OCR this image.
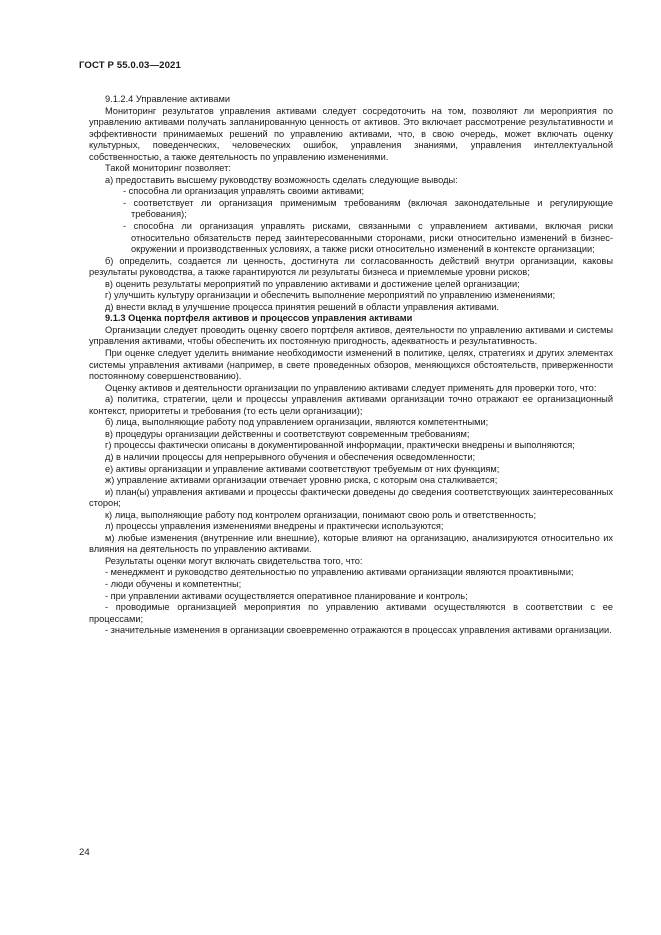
ГОСТ Р 55.0.03—2021

9.1.2.4 Управление активами

Мониторинг результатов управления активами следует сосредоточить на том, позволяют ли мероприятия по управлению активами получать запланированную ценность от активов. Это включает рассмотрение результативности и эффективности принимаемых решений по управлению активами, что, в свою очередь, может включать оценку культурных, поведенческих, человеческих ошибок, управления знаниями, управления интеллектуальной собственностью, а также деятельность по управлению изменениями.

Такой мониторинг позволяет:

а) предоставить высшему руководству возможность сделать следующие выводы:

- способна ли организация управлять своими активами;

- соответствует ли организация применимым требованиям (включая законодательные и регулирующие требования);

- способна ли организация управлять рисками, связанными с управлением активами, включая риски относительно обязательств перед заинтересованными сторонами, риски относительно изменений в бизнес-окружении и производственных условиях, а также риски относительно изменений в контексте организации;

б) определить, создается ли ценность, достигнута ли согласованность действий внутри организации, каковы результаты руководства, а также гарантируются ли результаты бизнеса и приемлемые уровни рисков;

в) оценить результаты мероприятий по управлению активами и достижение целей организации;

г) улучшить культуру организации и обеспечить выполнение мероприятий по управлению изменениями;

д) внести вклад в улучшение процесса принятия решений в области управления активами.

9.1.3 Оценка портфеля активов и процессов управления активами

Организации следует проводить оценку своего портфеля активов, деятельности по управлению активами и системы управления активами, чтобы обеспечить их постоянную пригодность, адекватность и результативность.

При оценке следует уделить внимание необходимости изменений в политике, целях, стратегиях и других элементах системы управления активами (например, в свете проведенных обзоров, меняющихся обстоятельств, приверженности постоянному совершенствованию).

Оценку активов и деятельности организации по управлению активами следует применять для проверки того, что:

а) политика, стратегии, цели и процессы управления активами организации точно отражают ее организационный контекст, приоритеты и требования (то есть цели организации);

б) лица, выполняющие работу под управлением организации, являются компетентными;

в) процедуры организации действенны и соответствуют современным требованиям;

г) процессы фактически описаны в документированной информации, практически внедрены и выполняются;

д) в наличии процессы для непрерывного обучения и обеспечения осведомленности;

е) активы организации и управление активами соответствуют требуемым от них функциям;

ж) управление активами организации отвечает уровню риска, с которым она сталкивается;

и) план(ы) управления активами и процессы фактически доведены до сведения соответствующих заинтересованных сторон;

к) лица, выполняющие работу под контролем организации, понимают свою роль и ответственность;

л) процессы управления изменениями внедрены и практически используются;

м) любые изменения (внутренние или внешние), которые влияют на организацию, анализируются относительно их влияния на деятельность по управлению активами.

Результаты оценки могут включать свидетельства того, что:

- менеджмент и руководство деятельностью по управлению активами организации являются проактивными;

- люди обучены и компетентны;

- при управлении активами осуществляется оперативное планирование и контроль;

- проводимые организацией мероприятия по управлению активами осуществляются в соответствии с ее процессами;

- значительные изменения в организации своевременно отражаются в процессах управления активами организации.

24
